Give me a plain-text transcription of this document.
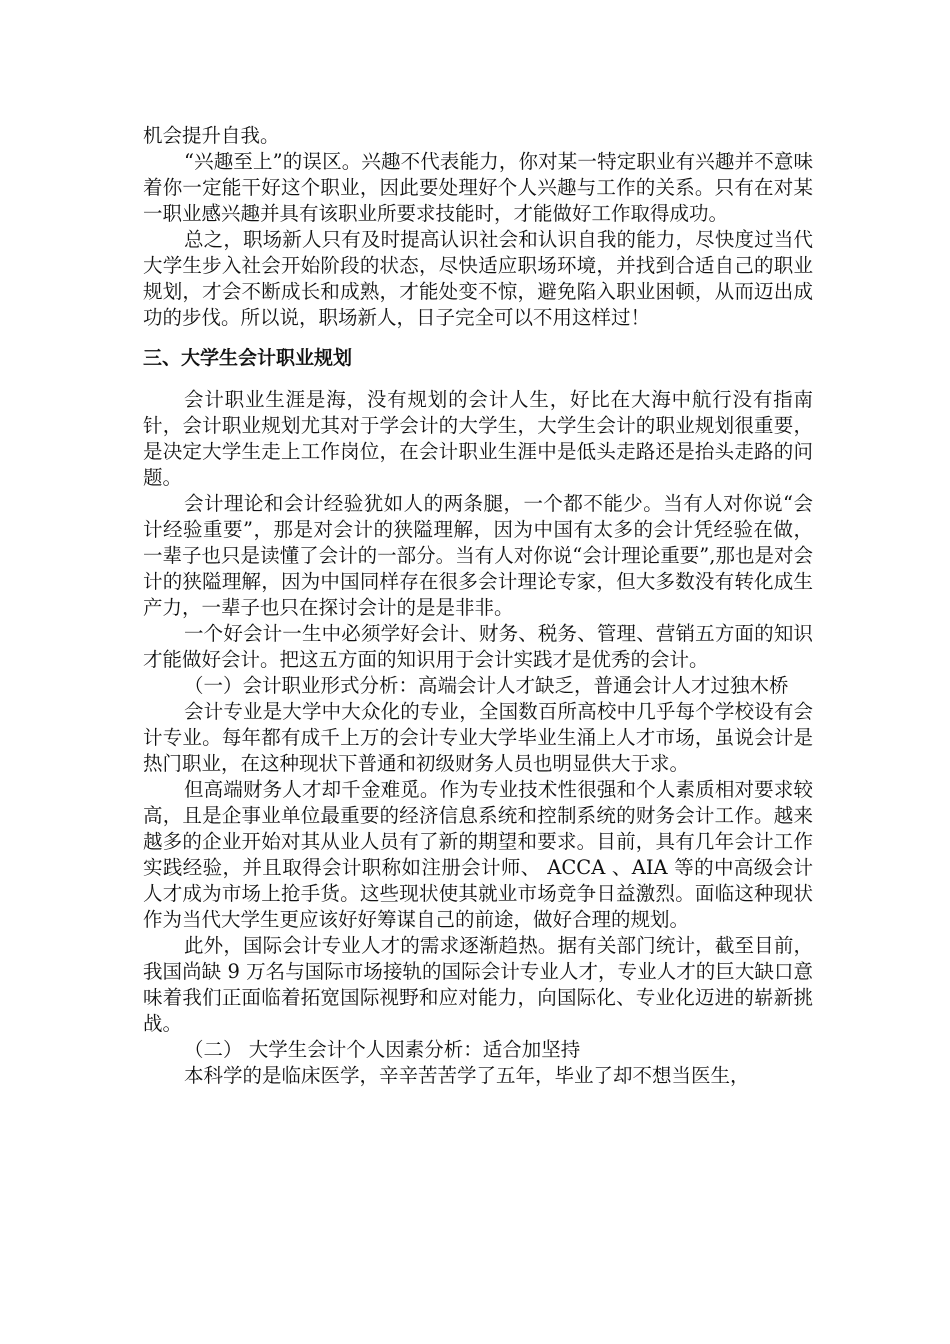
机会提升自我。

“兴趣至上”的误区。兴趣不代表能力，你对某一特定职业有兴趣并不意味着你一定能干好这个职业，因此要处理好个人兴趣与工作的关系。只有在对某一职业感兴趣并具有该职业所要求技能时，才能做好工作取得成功。

总之，职场新人只有及时提高认识社会和认识自我的能力，尽快度过当代大学生步入社会开始阶段的状态，尽快适应职场环境，并找到合适自己的职业规划，才会不断成长和成熟，才能处变不惊，避免陷入职业困顿，从而迈出成功的步伐。所以说，职场新人，日子完全可以不用这样过！

三、大学生会计职业规划

会计职业生涯是海，没有规划的会计人生，好比在大海中航行没有指南针，会计职业规划尤其对于学会计的大学生，大学生会计的职业规划很重要，是决定大学生走上工作岗位，在会计职业生涯中是低头走路还是抬头走路的问题。

会计理论和会计经验犹如人的两条腿，一个都不能少。当有人对你说“会计经验重要”，那是对会计的狭隘理解，因为中国有太多的会计凭经验在做，一辈子也只是读懂了会计的一部分。当有人对你说“会计理论重要”,那也是对会计的狭隘理解，因为中国同样存在很多会计理论专家，但大多数没有转化成生产力，一辈子也只在探讨会计的是是非非。

一个好会计一生中必须学好会计、财务、税务、管理、营销五方面的知识才能做好会计。把这五方面的知识用于会计实践才是优秀的会计。

（一）会计职业形式分析：高端会计人才缺乏，普通会计人才过独木桥

会计专业是大学中大众化的专业，全国数百所高校中几乎每个学校设有会计专业。每年都有成千上万的会计专业大学毕业生涌上人才市场，虽说会计是热门职业，在这种现状下普通和初级财务人员也明显供大于求。

但高端财务人才却千金难觅。作为专业技术性很强和个人素质相对要求较高，且是企事业单位最重要的经济信息系统和控制系统的财务会计工作。越来越多的企业开始对其从业人员有了新的期望和要求。目前，具有几年会计工作实践经验，并且取得会计职称如注册会计师、 ACCA 、AIA 等的中高级会计人才成为市场上抢手货。这些现状使其就业市场竞争日益激烈。面临这种现状作为当代大学生更应该好好筹谋自己的前途，做好合理的规划。

此外，国际会计专业人才的需求逐渐趋热。据有关部门统计，截至目前，我国尚缺 9 万名与国际市场接轨的国际会计专业人才，专业人才的巨大缺口意味着我们正面临着拓宽国际视野和应对能力，向国际化、专业化迈进的崭新挑战。

（二） 大学生会计个人因素分析：适合加坚持

本科学的是临床医学，辛辛苦苦学了五年，毕业了却不想当医生，
